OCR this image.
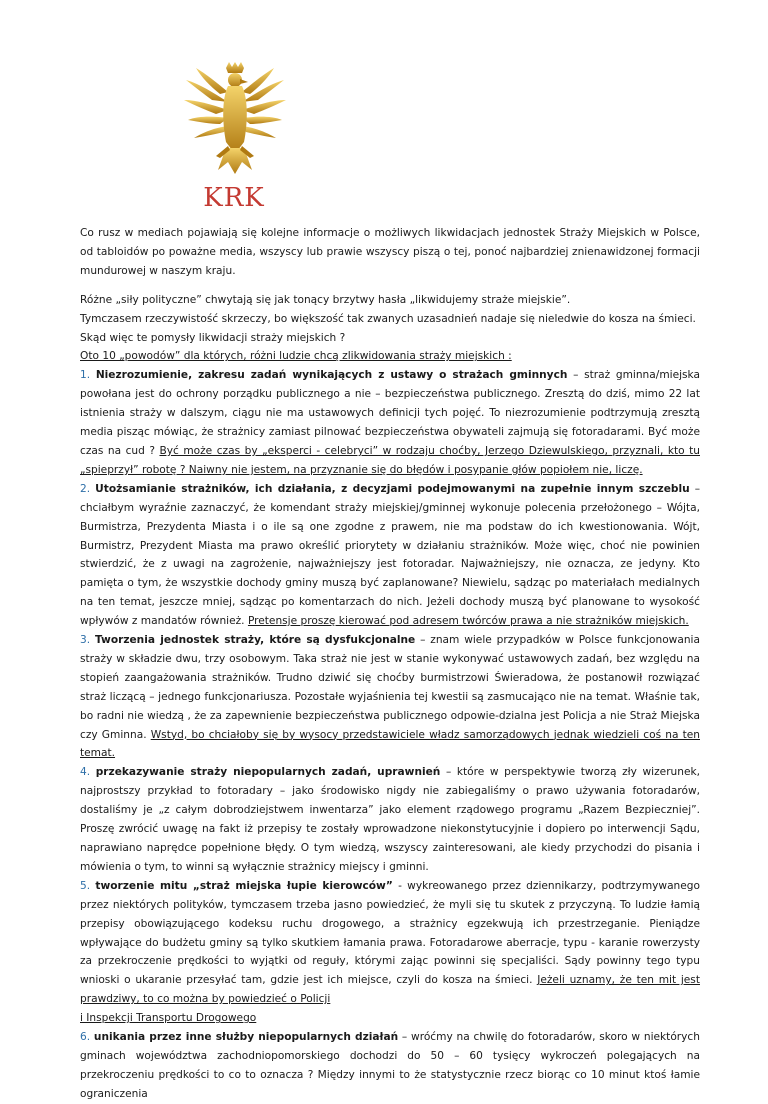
KRK

Co rusz w mediach pojawiają się kolejne informacje o możliwych likwidacjach jednostek Straży Miejskich w Polsce, od tabloidów po poważne media, wszyscy lub prawie wszyscy piszą o tej, ponoć najbardziej znienawidzonej formacji mundurowej w naszym kraju.

Różne „siły polityczne” chwytają się jak tonący brzytwy hasła „likwidujemy straże miejskie”.

Tymczasem rzeczywistość skrzeczy, bo większość tak zwanych uzasadnień nadaje się nieledwie do kosza na śmieci.

Skąd więc te pomysły likwidacji straży miejskich ?

Oto 10 „powodów” dla których, różni ludzie chcą zlikwidowania straży miejskich :

1. Niezrozumienie, zakresu zadań wynikających z ustawy o strażach gminnych – straż gminna/miejska powołana jest do ochrony porządku publicznego a nie – bezpieczeństwa publicznego. Zresztą do dziś, mimo 22 lat istnienia straży w dalszym, ciągu nie ma ustawowych definicji tych pojęć. To niezrozumienie podtrzymują zresztą media pisząc mówiąc, że strażnicy zamiast pilnować bezpieczeństwa obywateli zajmują się fotoradarami. Być może czas na cud ? Być może czas by „eksperci - celebryci” w rodzaju choćby, Jerzego Dziewulskiego, przyznali, kto tu „spieprzył” robotę ? Naiwny nie jestem, na przyznanie się do błędów i posypanie głów popiołem nie, liczę.

2. Utożsamianie strażników, ich działania, z decyzjami podejmowanymi na zupełnie innym szczeblu – chciałbym wyraźnie zaznaczyć, że komendant straży miejskiej/gminnej wykonuje polecenia przełożonego – Wójta, Burmistrza, Prezydenta Miasta i o ile są one zgodne z prawem, nie ma podstaw do ich kwestionowania. Wójt, Burmistrz, Prezydent Miasta ma prawo określić priorytety w działaniu strażników. Może więc, choć nie powinien stwierdzić, że z uwagi na zagrożenie, najważniejszy jest fotoradar. Najważniejszy, nie oznacza, ze jedyny. Kto pamięta o tym, że wszystkie dochody gminy muszą być zaplanowane? Niewielu, sądząc po materiałach medialnych na ten temat, jeszcze mniej, sądząc po komentarzach do nich. Jeżeli dochody muszą być planowane to wysokość wpływów z mandatów również. Pretensje proszę kierować pod adresem twórców prawa a nie strażników miejskich.

3. Tworzenia jednostek straży, które są dysfukcjonalne – znam wiele przypadków w Polsce funkcjonowania straży w składzie dwu, trzy osobowym. Taka straż nie jest w stanie wykonywać ustawowych zadań, bez względu na stopień zaangażowania strażników. Trudno dziwić się choćby burmistrzowi Świeradowa, że postanowił rozwiązać straż liczącą – jednego funkcjonariusza. Pozostałe wyjaśnienia tej kwestii są zasmucająco nie na temat. Właśnie tak, bo radni nie wiedzą , że za zapewnienie bezpieczeństwa publicznego odpowie-dzialna jest Policja a nie Straż Miejska czy Gminna. Wstyd, bo chciałoby się by wysocy przedstawiciele władz samorządowych jednak wiedzieli coś na ten temat.

4. przekazywanie straży niepopularnych zadań, uprawnień – które w perspektywie tworzą zły wizerunek, najprostszy przykład to fotoradary – jako środowisko nigdy nie zabiegaliśmy o prawo używania fotoradarów, dostaliśmy je „z całym dobrodziejstwem inwentarza” jako element rządowego programu „Razem Bezpieczniej”. Proszę zwrócić uwagę na fakt iż przepisy te zostały wprowadzone niekonstytucyjnie i dopiero po interwencji Sądu, naprawiano naprędce popełnione błędy. O tym wiedzą, wszyscy zainteresowani, ale kiedy przychodzi do pisania i mówienia o tym, to winni są wyłącznie strażnicy miejscy i gminni.

5. tworzenie mitu „straż miejska łupie kierowców” - wykreowanego przez dziennikarzy, podtrzymywanego przez niektórych polityków, tymczasem trzeba jasno powiedzieć, że myli się tu skutek z przyczyną. To ludzie łamią przepisy obowiązującego kodeksu ruchu drogowego, a strażnicy egzekwują ich przestrzeganie. Pieniądze wpływające do budżetu gminy są tylko skutkiem łamania prawa. Fotoradarowe aberracje, typu - karanie rowerzysty za przekroczenie prędkości to wyjątki od reguły, którymi zając powinni się specjaliści. Sądy powinny tego typu wnioski o ukaranie przesyłać tam, gdzie jest ich miejsce, czyli do kosza na śmieci. Jeżeli uznamy, że ten mit jest prawdziwy, to co można by powiedzieć o Policji

i Inspekcji Transportu Drogowego

6. unikania przez inne służby niepopularnych działań – wróćmy na chwilę do fotoradarów, skoro w niektórych gminach województwa zachodniopomorskiego dochodzi do 50 – 60 tysięcy wykroczeń polegających na przekroczeniu prędkości to co to oznacza ? Między innymi to że statystycznie rzecz biorąc co 10 minut ktoś łamie ograniczenia
